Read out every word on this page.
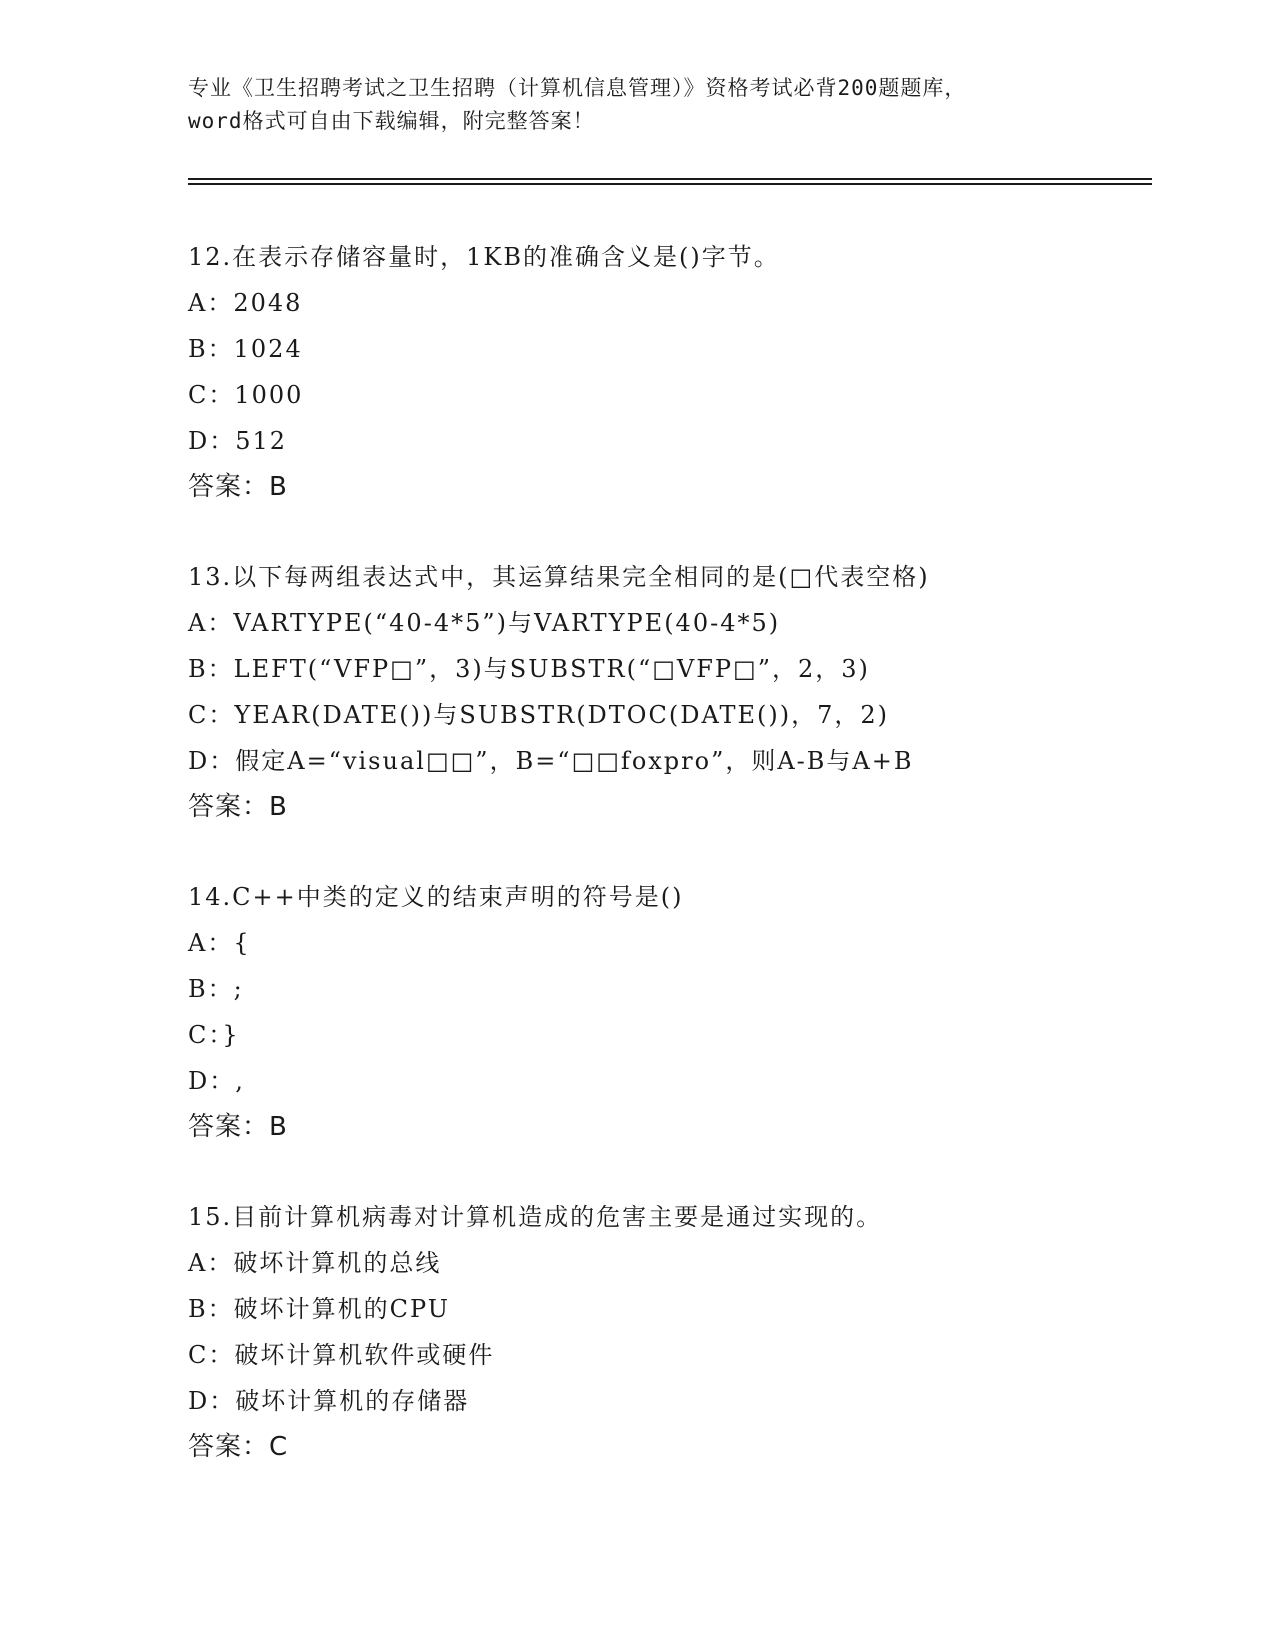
专业《卫生招聘考试之卫生招聘（计算机信息管理）》资格考试必背200题题库，

word格式可自由下载编辑，附完整答案！

12.在表示存储容量时，1KB的准确含义是()字节。
A：2048
B：1024
C：1000
D：512
答案：B
13.以下每两组表达式中，其运算结果完全相同的是(□代表空格)
A：VARTYPE(“40-4*5”)与VARTYPE(40-4*5)
B：LEFT(“VFP□”，3)与SUBSTR(“□VFP□”，2，3)
C：YEAR(DATE())与SUBSTR(DTOC(DATE())，7，2)
D：假定A=“visual□□”，B=“□□foxpro”，则A-B与A+B
答案：B
14.C++中类的定义的结束声明的符号是()
A：{
B：;
C：}
D：,
答案：B
15.目前计算机病毒对计算机造成的危害主要是通过实现的。
A：破坏计算机的总线
B：破坏计算机的CPU
C：破坏计算机软件或硬件
D：破坏计算机的存储器
答案：C
